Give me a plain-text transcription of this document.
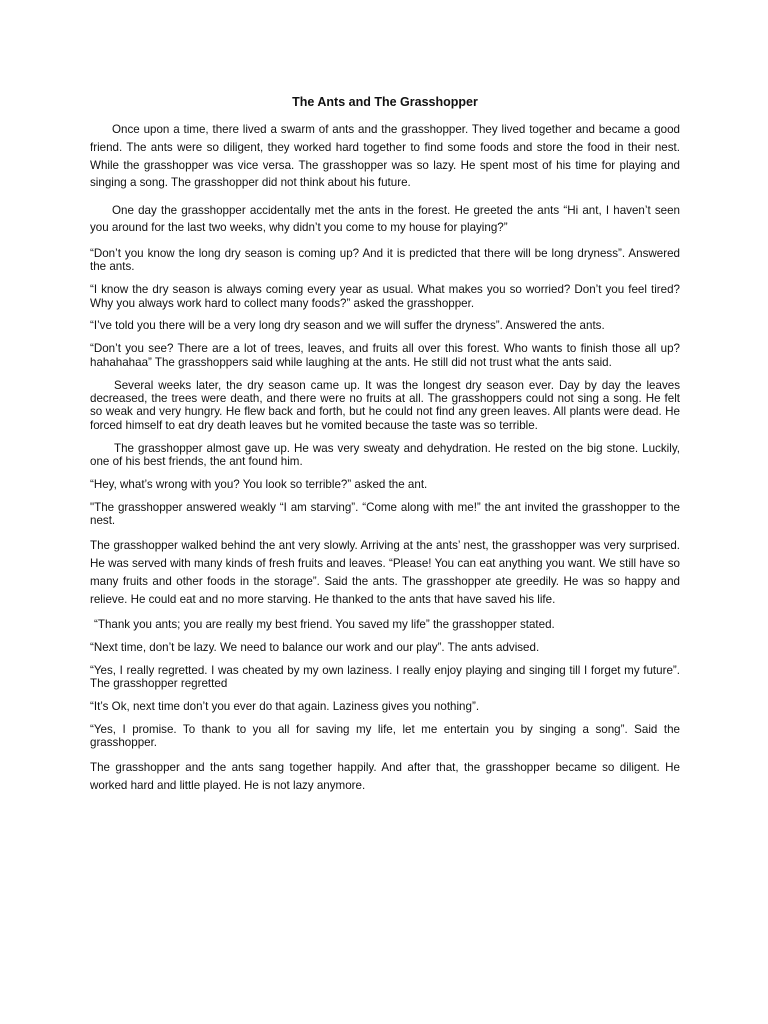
The Ants and The Grasshopper

Once upon a time, there lived a swarm of ants and the grasshopper. They lived together and became a good friend. The ants were so diligent, they worked hard together to find some foods and store the food in their nest. While the grasshopper was vice versa. The grasshopper was so lazy. He spent most of his time for playing and singing a song. The grasshopper did not think about his future.

One day the grasshopper accidentally met the ants in the forest. He greeted the ants “Hi ant, I haven’t seen you around for the last two weeks, why didn’t you come to my house for playing?”

“Don’t you know the long dry season is coming up? And it is predicted that there will be long dryness”. Answered the ants.

“I know the dry season is always coming every year as usual. What makes you so worried? Don’t you feel tired? Why you always work hard to collect many foods?” asked the grasshopper.

“I’ve told you there will be a very long dry season and we will suffer the dryness”. Answered the ants.

“Don’t you see? There are a lot of trees, leaves, and fruits all over this forest. Who wants to finish those all up? hahahahaa” The grasshoppers said while laughing at the ants. He still did not trust what the ants said.

Several weeks later, the dry season came up. It was the longest dry season ever. Day by day the leaves decreased, the trees were death, and there were no fruits at all. The grasshoppers could not sing a song. He felt so weak and very hungry. He flew back and forth, but he could not find any green leaves. All plants were dead. He forced himself to eat dry death leaves but he vomited because the taste was so terrible.

The grasshopper almost gave up. He was very sweaty and dehydration. He rested on the big stone. Luckily, one of his best friends, the ant found him.

“Hey, what’s wrong with you? You look so terrible?” asked the ant.

"The grasshopper answered weakly “I am starving”. “Come along with me!” the ant invited the grasshopper to the nest.

The grasshopper walked behind the ant very slowly. Arriving at the ants’ nest, the grasshopper was very surprised. He was served with many kinds of fresh fruits and leaves. “Please! You can eat anything you want. We still have so many fruits and other foods in the storage”. Said the ants. The grasshopper ate greedily. He was so happy and relieve. He could eat and no more starving. He thanked to the ants that have saved his life.

“Thank you ants; you are really my best friend. You saved my life” the grasshopper stated.

“Next time, don’t be lazy. We need to balance our work and our play”. The ants advised.

“Yes, I really regretted. I was cheated by my own laziness. I really enjoy playing and singing till I forget my future”. The grasshopper regretted

“It’s Ok, next time don’t you ever do that again. Laziness gives you nothing”.

“Yes, I promise. To thank to you all for saving my life, let me entertain you by singing a song”. Said the grasshopper.

The grasshopper and the ants sang together happily. And after that, the grasshopper became so diligent. He worked hard and little played. He is not lazy anymore.
